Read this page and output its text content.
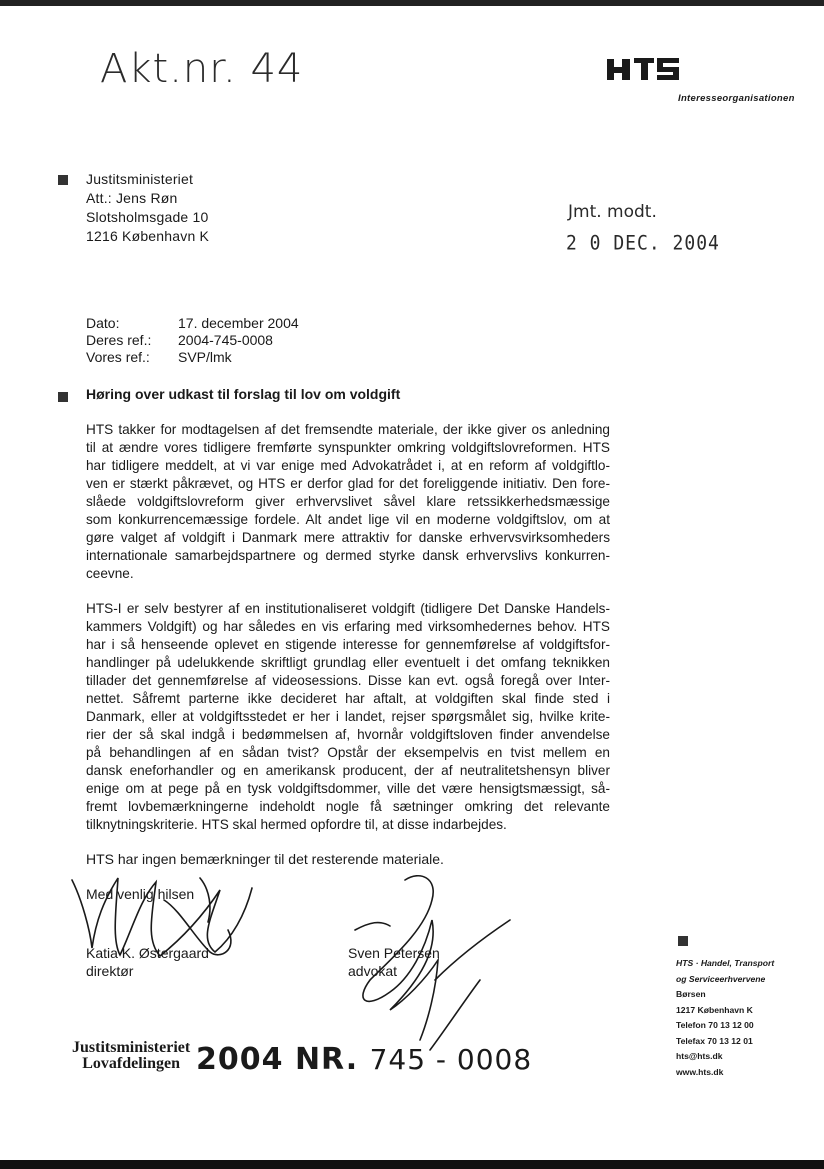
Akt.nr. 44
Interesseorganisationen
Justitsministeriet
Att.: Jens Røn
Slotsholmsgade 10
1216 København K
Jmt. modt.
2 0 DEC. 2004
Dato:	17. december 2004
Deres ref.:	2004-745-0008
Vores ref.:	SVP/lmk
Høring over udkast til forslag til lov om voldgift
HTS takker for modtagelsen af det fremsendte materiale, der ikke giver os anledning
til at ændre vores tidligere fremførte synspunkter omkring voldgiftslovreformen. HTS
har tidligere meddelt, at vi var enige med Advokatrådet i, at en reform af voldgiftlo-
ven er stærkt påkrævet, og HTS er derfor glad for det foreliggende initiativ. Den fore-
slåede voldgiftslovreform giver erhvervslivet såvel klare retssikkerhedsmæssige
som konkurrencemæssige fordele. Alt andet lige vil en moderne voldgiftslov, om at
gøre valget af voldgift i Danmark mere attraktiv for danske erhvervsvirksomheders
internationale samarbejdspartnere og dermed styrke dansk erhvervslivs konkurren-
ceevne.
HTS-I er selv bestyrer af en institutionaliseret voldgift (tidligere Det Danske Handels-
kammers Voldgift) og har således en vis erfaring med virksomhedernes behov. HTS
har i så henseende oplevet en stigende interesse for gennemførelse af voldgiftsfor-
handlinger på udelukkende skriftligt grundlag eller eventuelt i det omfang teknikken
tillader det gennemførelse af videosessions. Disse kan evt. også foregå over Inter-
nettet. Såfremt parterne ikke decideret har aftalt, at voldgiften skal finde sted i
Danmark, eller at voldgiftsstedet er her i landet, rejser spørgsmålet sig, hvilke krite-
rier der så skal indgå i bedømmelsen af, hvornår voldgiftsloven finder anvendelse
på behandlingen af en sådan tvist? Opstår der eksempelvis en tvist mellem en
dansk eneforhandler og en amerikansk producent, der af neutralitetshensyn bliver
enige om at pege på en tysk voldgiftsdommer, ville det være hensigtsmæssigt, så-
fremt lovbemærkningerne indeholdt nogle få sætninger omkring det relevante
tilknytningskriterie. HTS skal hermed opfordre til, at disse indarbejdes.
HTS har ingen bemærkninger til det resterende materiale.
Med venlig hilsen
Katia K. Østergaard
direktør
Sven Petersen
advokat
Justitsministeriet
Lovafdelingen 2004 NR. 745 - 0008
HTS · Handel, Transport
og Serviceerhvervene
Børsen
1217 København K
Telefon 70 13 12 00
Telefax 70 13 12 01
hts@hts.dk
www.hts.dk
